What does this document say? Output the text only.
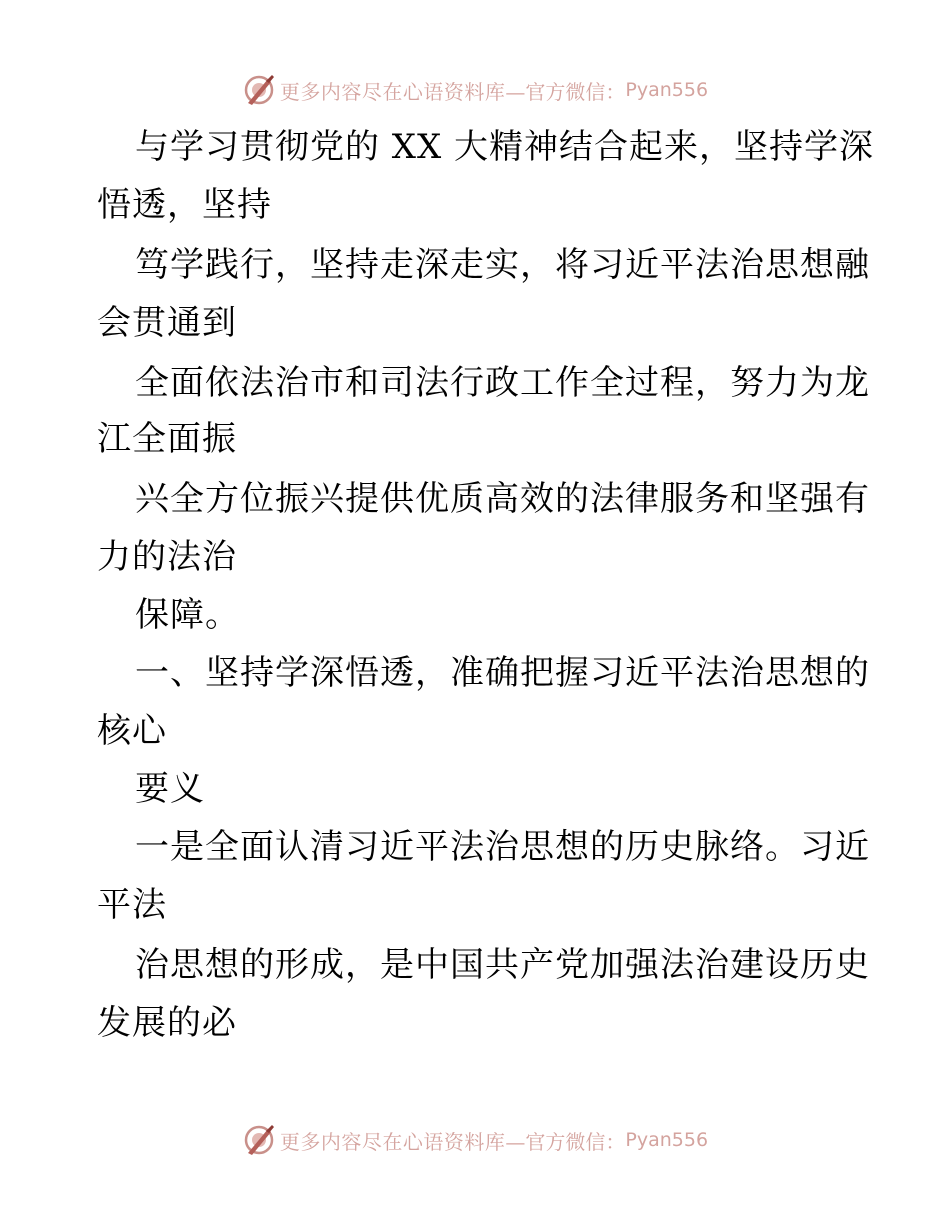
更多内容尽在心语资料库 —官方微信： Pyan556
与学习贯彻党的 XX 大精神结合起来，坚持学深
悟透，坚持
笃学践行，坚持走深走实，将习近平法治思想融
会贯通到
全面依法治市和司法行政工作全过程，努力为龙
江全面振
兴全方位振兴提供优质高效的法律服务和坚强有
力的法治
保障。
一、坚持学深悟透，准确把握习近平法治思想的
核心
要义
一是全面认清习近平法治思想的历史脉络。习近
平法
治思想的形成，是中国共产党加强法治建设历史
发展的必
更多内容尽在心语资料库 —官方微信： Pyan556
